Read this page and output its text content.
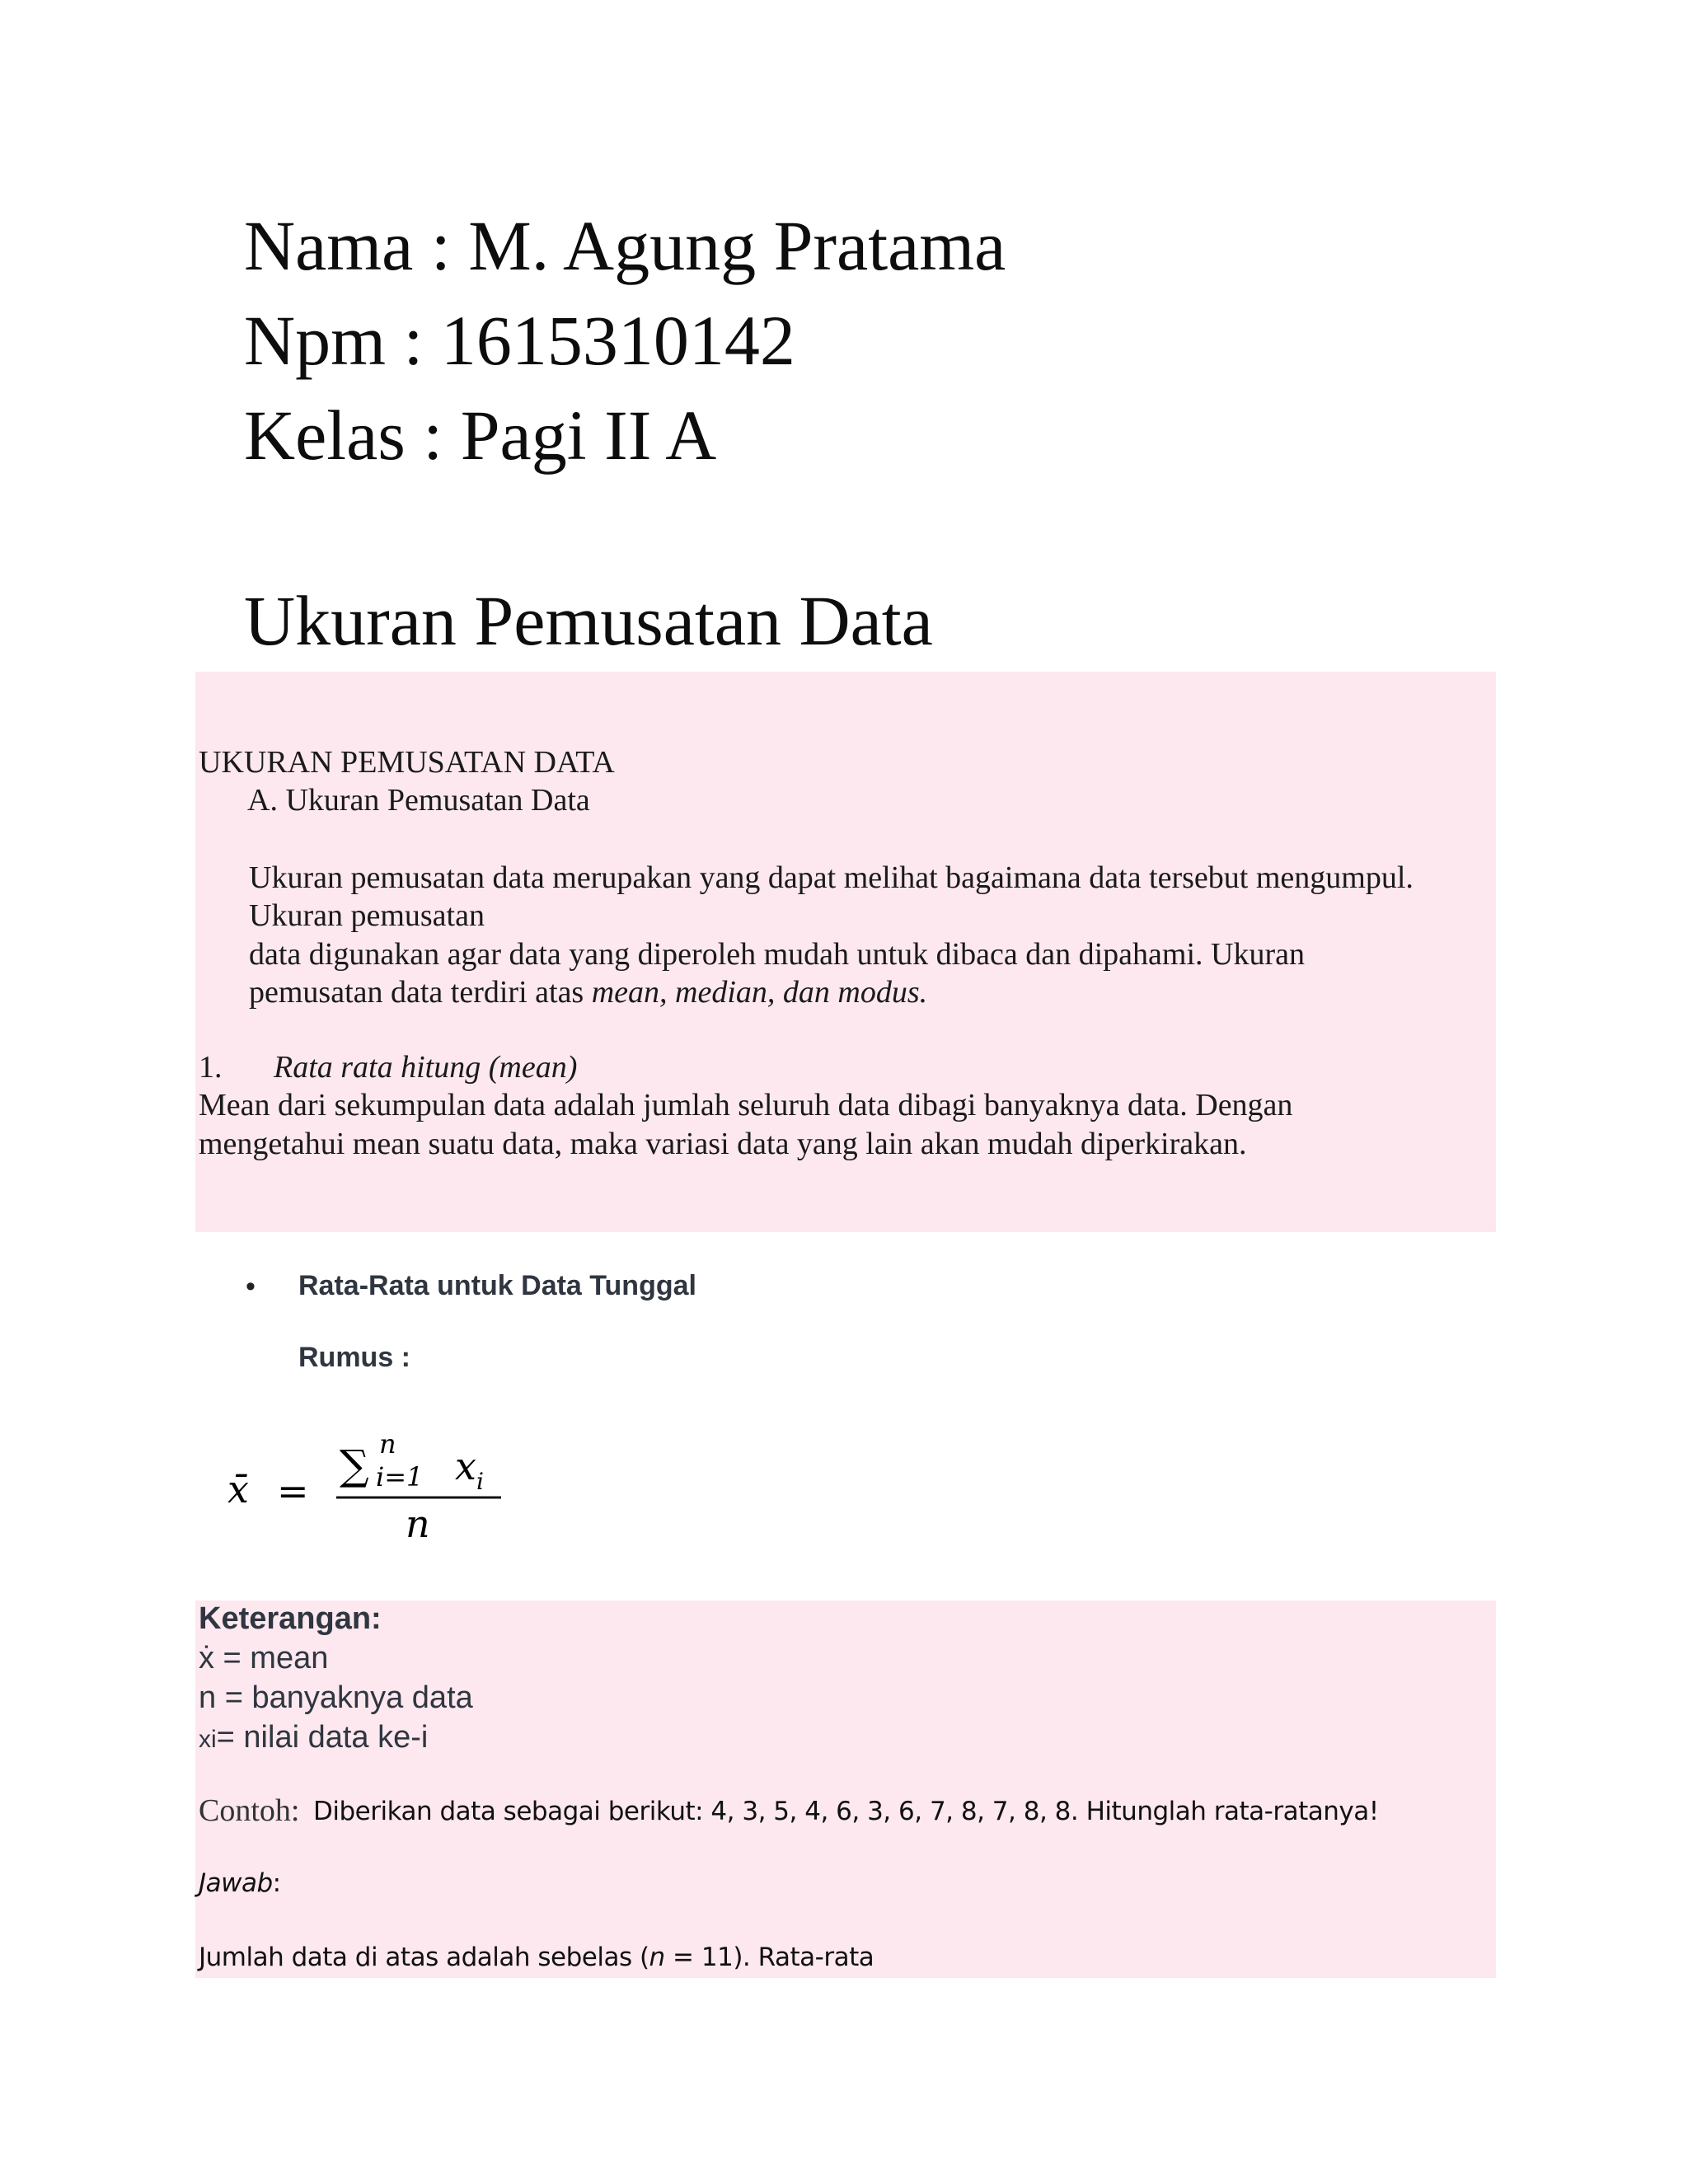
Nama : M. Agung Pratama
Npm : 1615310142
Kelas : Pagi II A
Ukuran Pemusatan Data
UKURAN PEMUSATAN DATA
A. Ukuran Pemusatan Data
Ukuran pemusatan data merupakan yang dapat melihat bagaimana data tersebut mengumpul.
Ukuran pemusatan
data digunakan agar data yang diperoleh mudah untuk dibaca dan dipahami. Ukuran
pemusatan data terdiri atas mean, median, dan modus.
1. Rata rata hitung (mean)
Mean dari sekumpulan data adalah jumlah seluruh data dibagi banyaknya data. Dengan
mengetahui mean suatu data, maka variasi data yang lain akan mudah diperkirakan.
• Rata-Rata untuk Data Tunggal
Rumus :
x̄ =
∑ n
i=1 x i
n
Keterangan:
ẋ = mean
n = banyaknya data
xi= nilai data ke-i
Contoh: Diberikan data sebagai berikut: 4, 3, 5, 4, 6, 3, 6, 7, 8, 7, 8, 8. Hitunglah rata-ratanya!
Jawab:
Jumlah data di atas adalah sebelas (n = 11). Rata-rata
